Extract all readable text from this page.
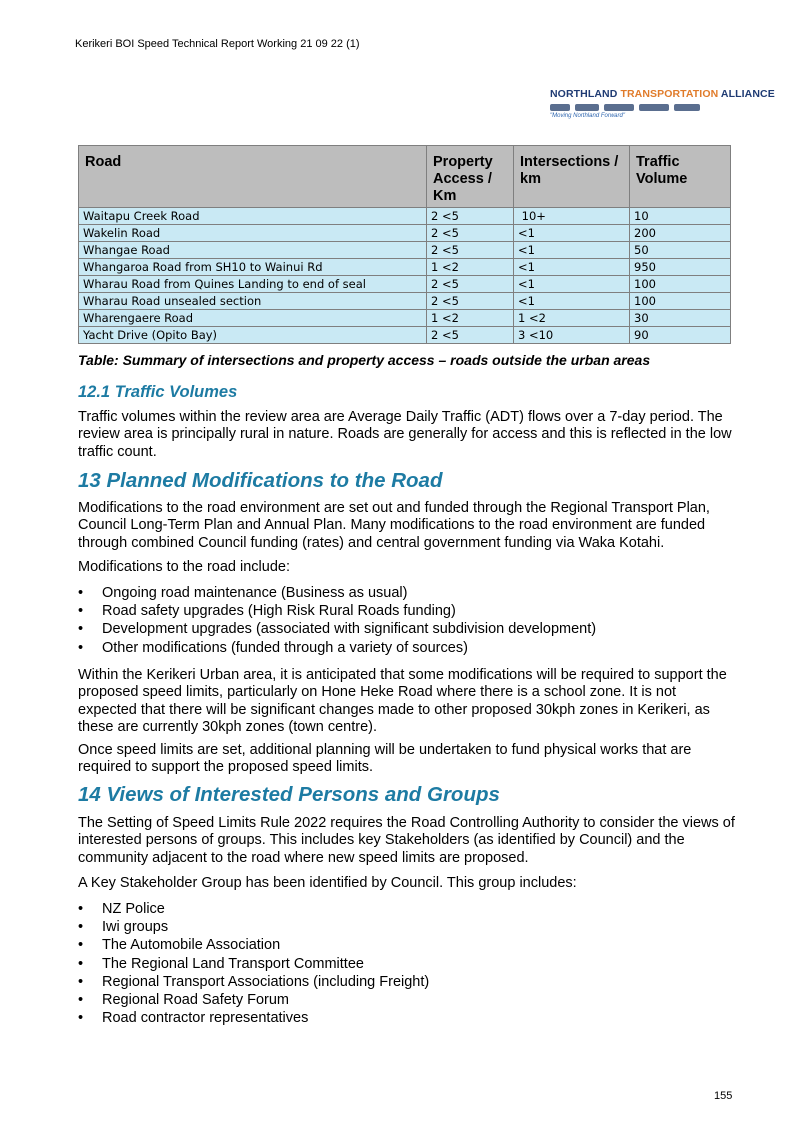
Kerikeri BOI Speed Technical Report Working 21 09 22 (1)
NORTHLAND TRANSPORTATION ALLIANCE
"Moving Northland Forward"
Road	Property Access / Km	Intersections / km	Traffic Volume
Waitapu Creek Road	2 <5	10+	10
Wakelin Road	2 <5	<1	200
Whangae Road	2 <5	<1	50
Whangaroa Road from SH10 to Wainui Rd	1 <2	<1	950
Wharau Road from Quines Landing to end of seal	2 <5	<1	100
Wharau Road unsealed section	2 <5	<1	100
Wharengaere Road	1 <2	1 <2	30
Yacht Drive (Opito Bay)	2 <5	3 <10	90
Table: Summary of intersections and property access – roads outside the urban areas
12.1 Traffic Volumes

Traffic volumes within the review area are Average Daily Traffic (ADT) flows over a 7-day period. The review area is principally rural in nature. Roads are generally for access and this is reflected in the low traffic count.

13 Planned Modifications to the Road

Modifications to the road environment are set out and funded through the Regional Transport Plan, Council Long-Term Plan and Annual Plan. Many modifications to the road environment are funded through combined Council funding (rates) and central government funding via Waka Kotahi.

Modifications to the road include:

• Ongoing road maintenance (Business as usual)
• Road safety upgrades (High Risk Rural Roads funding)
• Development upgrades (associated with significant subdivision development)
• Other modifications (funded through a variety of sources)

Within the Kerikeri Urban area, it is anticipated that some modifications will be required to support the proposed speed limits, particularly on Hone Heke Road where there is a school zone. It is not expected that there will be significant changes made to other proposed 30kph zones in Kerikeri, as these are currently 30kph zones (town centre).

Once speed limits are set, additional planning will be undertaken to fund physical works that are required to support the proposed speed limits.

14 Views of Interested Persons and Groups

The Setting of Speed Limits Rule 2022 requires the Road Controlling Authority to consider the views of interested persons of groups. This includes key Stakeholders (as identified by Council) and the community adjacent to the road where new speed limits are proposed.

A Key Stakeholder Group has been identified by Council. This group includes:

• NZ Police
• Iwi groups
• The Automobile Association
• The Regional Land Transport Committee
• Regional Transport Associations (including Freight)
• Regional Road Safety Forum
• Road contractor representatives
155
